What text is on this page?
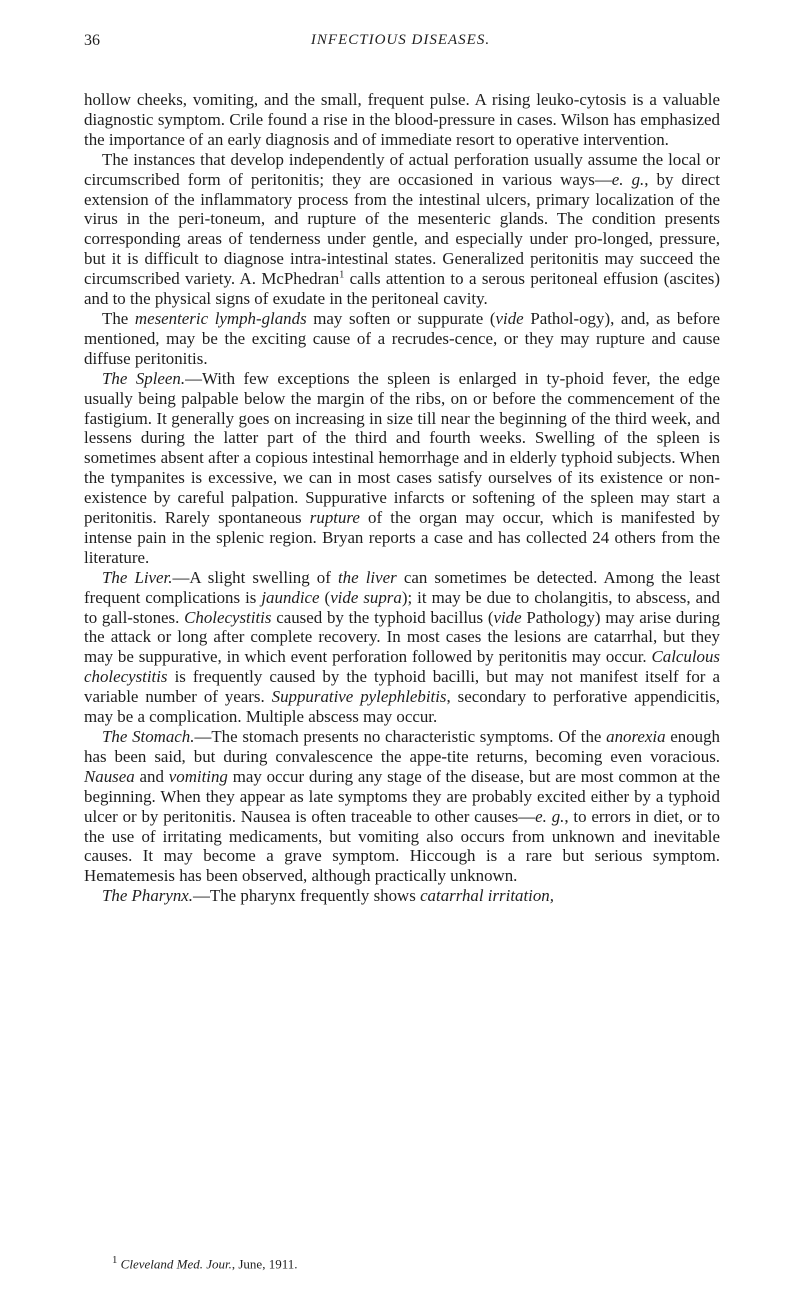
36	INFECTIOUS DISEASES.

hollow cheeks, vomiting, and the small, frequent pulse. A rising leuko-cytosis is a valuable diagnostic symptom. Crile found a rise in the blood-pressure in cases. Wilson has emphasized the importance of an early diagnosis and of immediate resort to operative intervention.

The instances that develop independently of actual perforation usually assume the local or circumscribed form of peritonitis; they are occasioned in various ways—e. g., by direct extension of the inflammatory process from the intestinal ulcers, primary localization of the virus in the peri-toneum, and rupture of the mesenteric glands. The condition presents corresponding areas of tenderness under gentle, and especially under pro-longed, pressure, but it is difficult to diagnose intra-intestinal states. Generalized peritonitis may succeed the circumscribed variety. A. McPhedran$^1$ calls attention to a serous peritoneal effusion (ascites) and to the physical signs of exudate in the peritoneal cavity.

The mesenteric lymph-glands may soften or suppurate (vide Pathol-ogy), and, as before mentioned, may be the exciting cause of a recrudes-cence, or they may rupture and cause diffuse peritonitis.

The Spleen.—With few exceptions the spleen is enlarged in ty-phoid fever, the edge usually being palpable below the margin of the ribs, on or before the commencement of the fastigium. It generally goes on increasing in size till near the beginning of the third week, and lessens during the latter part of the third and fourth weeks. Swelling of the spleen is sometimes absent after a copious intestinal hemorrhage and in elderly typhoid subjects. When the tympanites is excessive, we can in most cases satisfy ourselves of its existence or non-existence by careful palpation. Suppurative infarcts or softening of the spleen may start a peritonitis. Rarely spontaneous rupture of the organ may occur, which is manifested by intense pain in the splenic region. Bryan reports a case and has collected 24 others from the literature.

The Liver.—A slight swelling of the liver can sometimes be detected. Among the least frequent complications is jaundice (vide supra); it may be due to cholangitis, to abscess, and to gall-stones. Cholecystitis caused by the typhoid bacillus (vide Pathology) may arise during the attack or long after complete recovery. In most cases the lesions are catarrhal, but they may be suppurative, in which event perforation followed by peritonitis may occur. Calculous cholecystitis is frequently caused by the typhoid bacilli, but may not manifest itself for a variable number of years. Suppurative pylephlebitis, secondary to perforative appendicitis, may be a complication. Multiple abscess may occur.

The Stomach.—The stomach presents no characteristic symptoms. Of the anorexia enough has been said, but during convalescence the appe-tite returns, becoming even voracious. Nausea and vomiting may occur during any stage of the disease, but are most common at the beginning. When they appear as late symptoms they are probably excited either by a typhoid ulcer or by peritonitis. Nausea is often traceable to other causes—e. g., to errors in diet, or to the use of irritating medicaments, but vomiting also occurs from unknown and inevitable causes. It may become a grave symptom. Hiccough is a rare but serious symptom. Hematemesis has been observed, although practically unknown.

The Pharynx.—The pharynx frequently shows catarrhal irritation,

$^1$ Cleveland Med. Jour., June, 1911.
